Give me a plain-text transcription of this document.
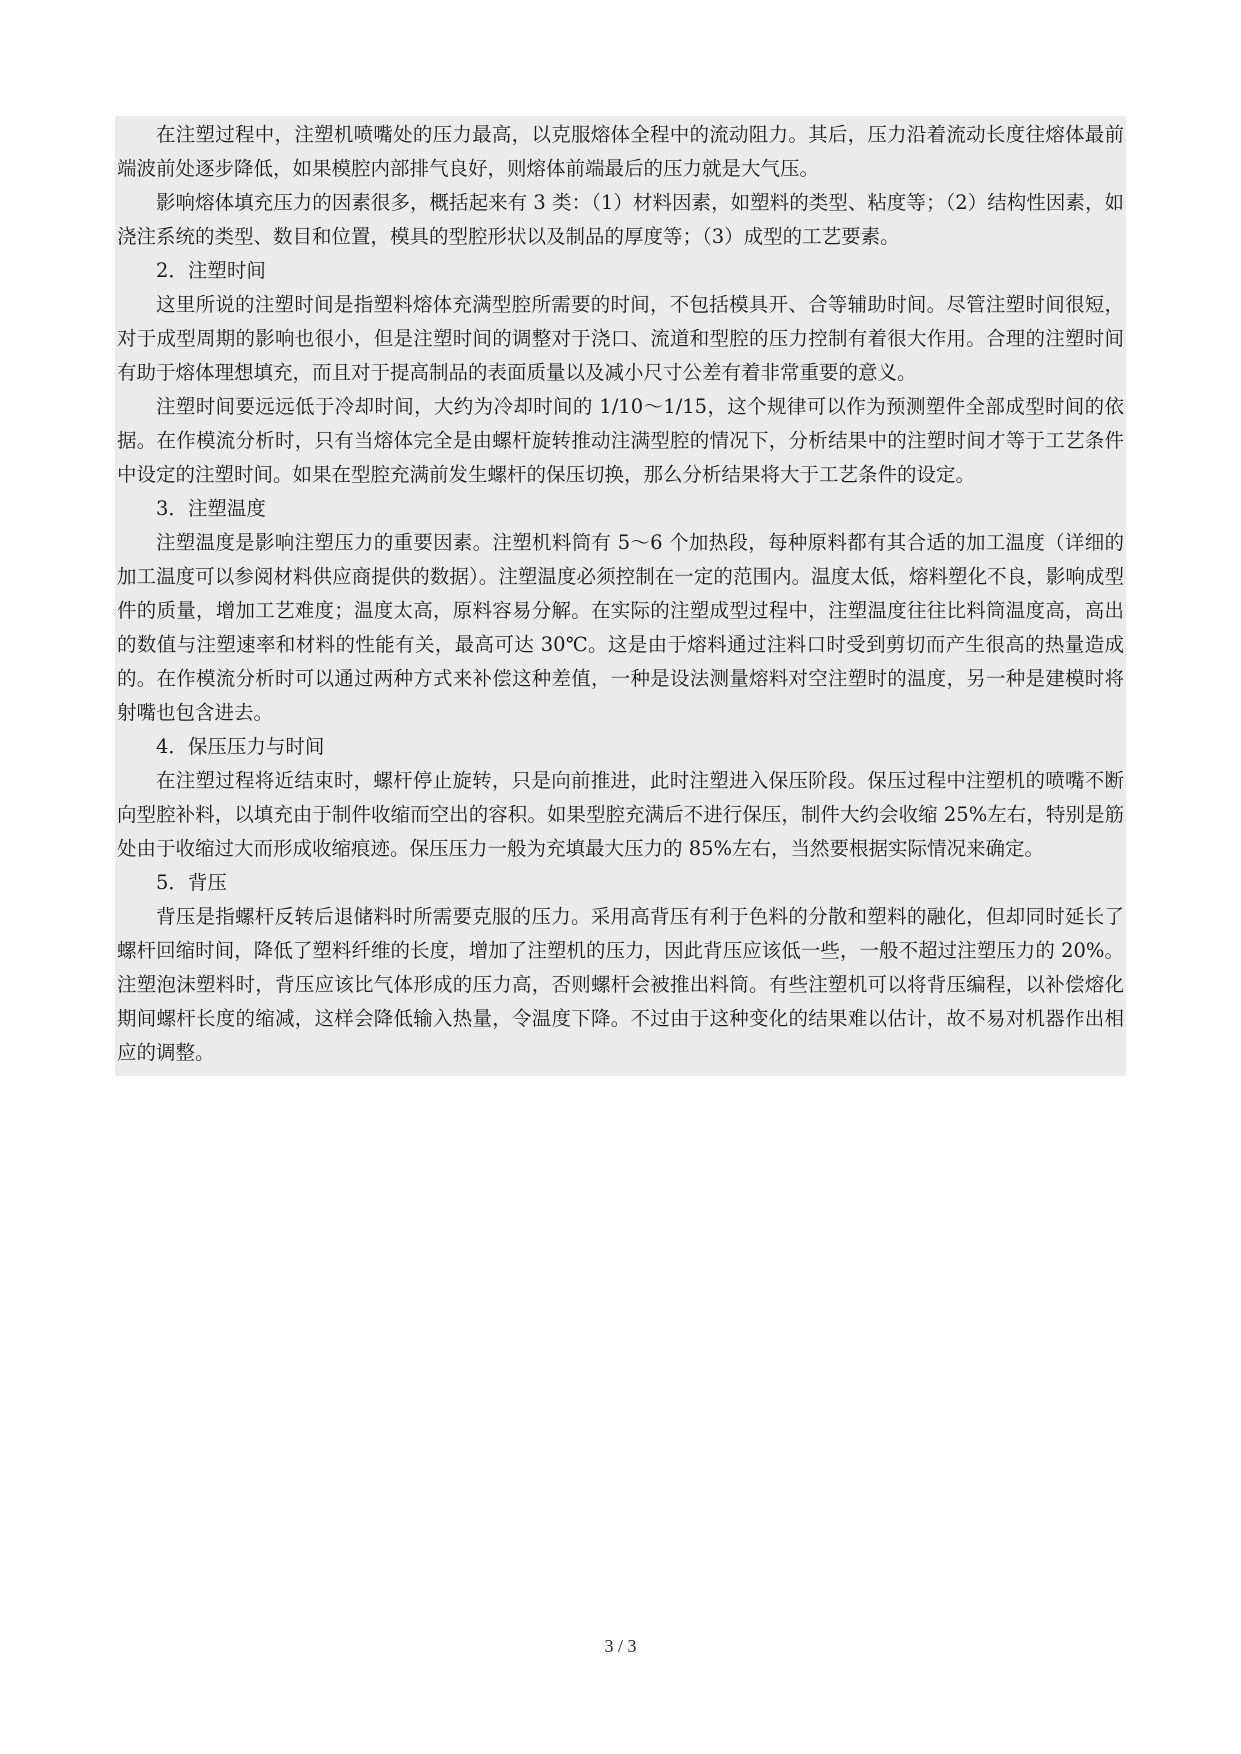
在注塑过程中，注塑机喷嘴处的压力最高，以克服熔体全程中的流动阻力。其后，压力沿着流动长度往熔体最前端波前处逐步降低，如果模腔内部排气良好，则熔体前端最后的压力就是大气压。

影响熔体填充压力的因素很多，概括起来有 3 类：（1）材料因素，如塑料的类型、粘度等；（2）结构性因素，如浇注系统的类型、数目和位置，模具的型腔形状以及制品的厚度等；（3）成型的工艺要素。

2．注塑时间

这里所说的注塑时间是指塑料熔体充满型腔所需要的时间，不包括模具开、合等辅助时间。尽管注塑时间很短，对于成型周期的影响也很小，但是注塑时间的调整对于浇口、流道和型腔的压力控制有着很大作用。合理的注塑时间有助于熔体理想填充，而且对于提高制品的表面质量以及减小尺寸公差有着非常重要的意义。

注塑时间要远远低于冷却时间，大约为冷却时间的 1/10～1/15，这个规律可以作为预测塑件全部成型时间的依据。在作模流分析时，只有当熔体完全是由螺杆旋转推动注满型腔的情况下，分析结果中的注塑时间才等于工艺条件中设定的注塑时间。如果在型腔充满前发生螺杆的保压切换，那么分析结果将大于工艺条件的设定。

3．注塑温度

注塑温度是影响注塑压力的重要因素。注塑机料筒有 5～6 个加热段，每种原料都有其合适的加工温度（详细的加工温度可以参阅材料供应商提供的数据）。注塑温度必须控制在一定的范围内。温度太低，熔料塑化不良，影响成型件的质量，增加工艺难度；温度太高，原料容易分解。在实际的注塑成型过程中，注塑温度往往比料筒温度高，高出的数值与注塑速率和材料的性能有关，最高可达 30℃。这是由于熔料通过注料口时受到剪切而产生很高的热量造成的。在作模流分析时可以通过两种方式来补偿这种差值，一种是设法测量熔料对空注塑时的温度，另一种是建模时将射嘴也包含进去。

4．保压压力与时间

在注塑过程将近结束时，螺杆停止旋转，只是向前推进，此时注塑进入保压阶段。保压过程中注塑机的喷嘴不断向型腔补料，以填充由于制件收缩而空出的容积。如果型腔充满后不进行保压，制件大约会收缩 25%左右，特别是筋处由于收缩过大而形成收缩痕迹。保压压力一般为充填最大压力的 85%左右，当然要根据实际情况来确定。

5．背压

背压是指螺杆反转后退储料时所需要克服的压力。采用高背压有利于色料的分散和塑料的融化，但却同时延长了螺杆回缩时间，降低了塑料纤维的长度，增加了注塑机的压力，因此背压应该低一些，一般不超过注塑压力的 20%。注塑泡沫塑料时，背压应该比气体形成的压力高，否则螺杆会被推出料筒。有些注塑机可以将背压编程，以补偿熔化期间螺杆长度的缩减，这样会降低输入热量，令温度下降。不过由于这种变化的结果难以估计，故不易对机器作出相应的调整。

3 / 3
